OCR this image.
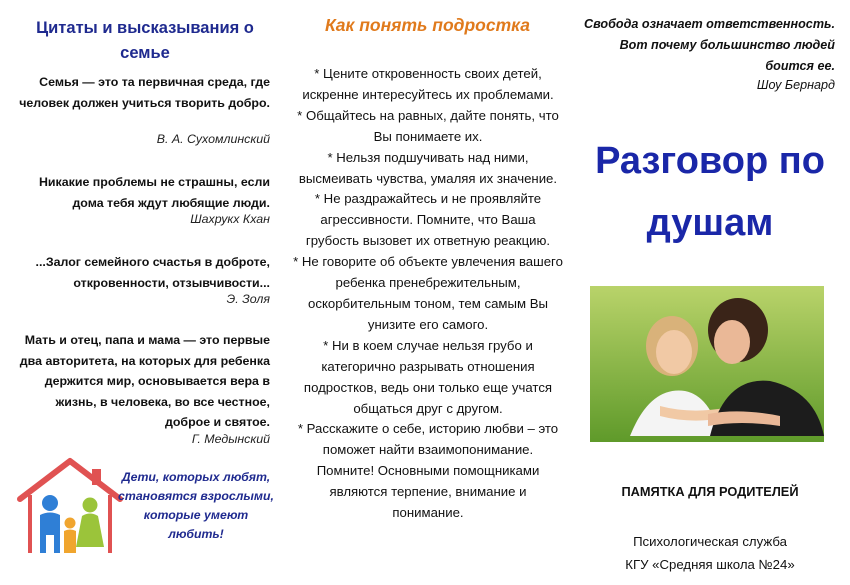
Цитаты и высказывания о семье
Семья — это та первичная среда, где человек должен учиться творить добро.
В. А. Сухомлинский
Никакие проблемы не страшны, если дома тебя ждут любящие люди.
Шахрукх Кхан
...Залог семейного счастья в доброте, откровенности, отзывчивости...
Э. Золя
Мать и отец, папа и мама — это первые два авторитета, на которых для ребенка держится мир, основывается вера в жизнь, в человека, во все честное, доброе и святое.
Г. Медынский
Дети, которых любят, становятся взрослыми, которые умеют любить!
Как понять подростка
* Цените откровенность своих детей, искренне интересуйтесь их проблемами.
* Общайтесь на равных, дайте понять, что Вы понимаете их.
* Нельзя подшучивать над ними, высмеивать чувства, умаляя их значение.
* Не раздражайтесь и не проявляйте агрессивности. Помните, что Ваша грубость вызовет их ответную реакцию.
* Не говорите об объекте увлечения вашего ребенка пренебрежительным, оскорбительным тоном, тем самым Вы унизите его самого.
* Ни в коем случае нельзя грубо и категорично разрывать отношения подростков, ведь они только еще учатся общаться друг с другом.
* Расскажите о себе, историю любви – это поможет найти взаимопонимание. Помните! Основными помощниками являются терпение, внимание и понимание.
Свобода означает ответственность. Вот почему большинство людей боится ее.
Шоу Бернард
Разговор по душам
ПАМЯТКА ДЛЯ РОДИТЕЛЕЙ
Психологическая служба
КГУ «Средняя школа №24»
